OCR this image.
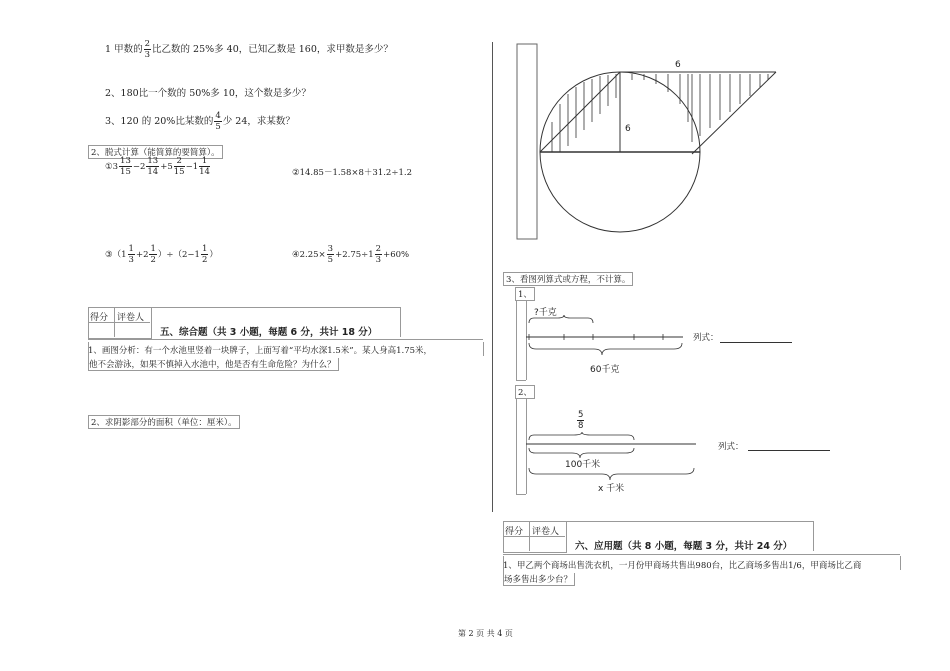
1 甲数的 $\frac{2}{3}$ 比乙数的 25%多 40，已知乙数是 160，求甲数是多少？
2、180比一个数的 50%多 10，这个数是多少？
3、120 的 20%比某数的 $\frac{4}{5}$ 少 24，求某数？
2、脱式计算（能简算的要简算）。
①3 $\frac{13}{15} -2 \frac{13}{14} +5 \frac{2}{15} -1 \frac{1}{14}$	②14.85－1.58×8＋31.2÷1.2
③（1 $\frac{1}{3} +2 \frac{1}{2} )\div(2-1 \frac{1}{2}$ ）	④2.25× $\frac{3}{5} +2.75\div 1 \frac{2}{3} +60\%$
得分 评卷人
五、综合题（共 3 小题，每题 6 分，共计 18 分）
1、画图分析：有一个水池里竖着一块牌子，上面写着“平均水深1.5米”。某人身高1.75米，
他不会游泳，如果不慎掉入水池中，他是否有生命危险？为什么？
2、求阴影部分的面积（单位：厘米）。
6
6
3、看图列算式或方程，不计算。
1、
?千克
60千克
列式：
2、
$\frac{5}{8}$
100千米
x 千米
列式：
得分 评卷人
六、应用题（共 8 小题，每题 3 分，共计 24 分）
1、甲乙两个商场出售洗衣机，一月份甲商场共售出980台，比乙商场多售出1/6，甲商场比乙商
场多售出多少台？
第 2 页 共 4 页
